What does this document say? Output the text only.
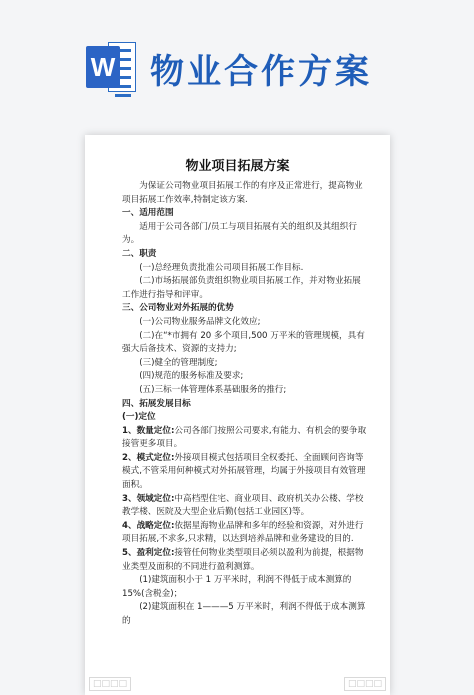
W 物业合作方案
物业项目拓展方案

为保证公司物业项目拓展工作的有序及正常进行，提高物业项目拓展工作效率,特制定该方案.

一、适用范围

适用于公司各部门/员工与项目拓展有关的组织及其组织行为。

二、职责

(一)总经理负责批准公司项目拓展工作目标.

(二)市场拓展部负责组织物业项目拓展工作，并对物业拓展工作进行指导和评审。

三、公司物业对外拓展的优势

(一)公司物业服务品牌文化效应;

(二)在“*市拥有 20 多个项目,500 万平米的管理规模，具有强大后备技术、资源的支持力;

(三)健全的管理制度;

(四)规范的服务标准及要求;

(五)三标一体管理体系基础服务的推行;

四、拓展发展目标

(一)定位

1、数量定位:公司各部门按照公司要求,有能力、有机会的要争取接管更多项目。

2、模式定位:外接项目模式包括项目全权委托、全面顾问咨询等模式,不管采用何种模式对外拓展管理，均属于外接项目有效管理面积。

3、领域定位:中高档型住宅、商业项目、政府机关办公楼、学校教学楼、医院及大型企业后勤(包括工业园区)等。

4、战略定位:依据星海物业品牌和多年的经验和资源，对外进行项目拓展,不求多,只求精，以达到培养品牌和业务建设的目的.

5、盈利定位:接管任何物业类型项目必须以盈利为前提，根据物业类型及面积的不同进行盈利测算。

(1)建筑面积小于 1 万平米时，利润不得低于成本测算的 15%(含税金)；

(2)建筑面积在 1———5 万平米时，利润不得低于成本测算的

□□□□	□□□□
